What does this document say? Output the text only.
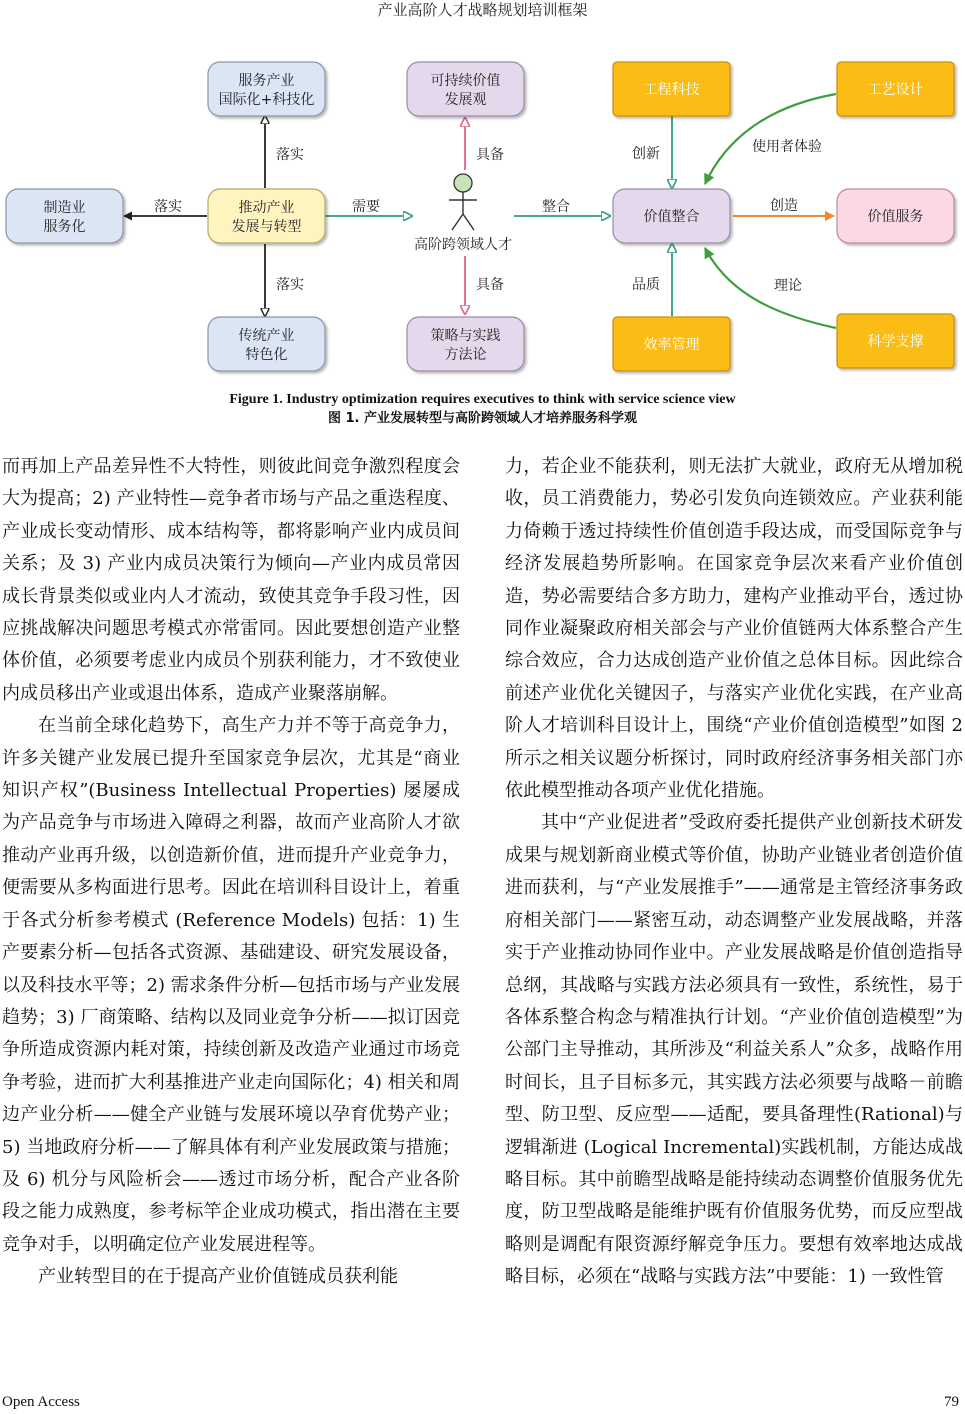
产业高阶人才战略规划培训框架
落实
落实
落实	需要
具备
具备
整合
创新
品质
使用者体验
创造
理论
服务产业
国际化+科技化
制造业
服务化
推动产业
发展与转型
传统产业
特色化
可持续价值
发展观
策略与实践
方法论
高阶跨领域人才
工程科技	工艺设计
价值整合	价值服务
效率管理	科学支撑
Figure 1. Industry optimization requires executives to think with service science view
图 1. 产业发展转型与高阶跨领域人才培养服务科学观

而再加上产品差异性不大特性，则彼此间竞争激烈程度会大为提高；2) 产业特性—竞争者市场与产品之重迭程度、产业成长变动情形、成本结构等，都将影响产业内成员间关系；及 3) 产业内成员决策行为倾向—产业内成员常因成长背景类似或业内人才流动，致使其竞争手段习性，因应挑战解决问题思考模式亦常雷同。因此要想创造产业整体价值，必须要考虑业内成员个别获利能力，才不致使业内成员移出产业或退出体系，造成产业聚落崩解。

在当前全球化趋势下，高生产力并不等于高竞争力，许多关键产业发展已提升至国家竞争层次，尤其是“商业知识产权”(Business Intellectual Properties) 屡屡成为产品竞争与市场进入障碍之利器，故而产业高阶人才欲推动产业再升级，以创造新价值，进而提升产业竞争力，便需要从多构面进行思考。因此在培训科目设计上，着重于各式分析参考模式 (Reference Models) 包括：1) 生产要素分析—包括各式资源、基础建设、研究发展设备，以及科技水平等；2) 需求条件分析—包括市场与产业发展趋势；3) 厂商策略、结构以及同业竞争分析——拟订因竞争所造成资源内耗对策，持续创新及改造产业通过市场竞争考验，进而扩大利基推进产业走向国际化；4) 相关和周边产业分析——健全产业链与发展环境以孕育优势产业；5) 当地政府分析——了解具体有利产业发展政策与措施；及 6) 机分与风险析会——透过市场分析，配合产业各阶段之能力成熟度，参考标竿企业成功模式，指出潜在主要竞争对手，以明确定位产业发展进程等。

产业转型目的在于提高产业价值链成员获利能

力，若企业不能获利，则无法扩大就业，政府无从增加税收，员工消费能力，势必引发负向连锁效应。产业获利能力倚赖于透过持续性价值创造手段达成，而受国际竞争与经济发展趋势所影响。在国家竞争层次来看产业价值创造，势必需要结合多方助力，建构产业推动平台，透过协同作业凝聚政府相关部会与产业价值链两大体系整合产生综合效应，合力达成创造产业价值之总体目标。因此综合前述产业优化关键因子，与落实产业优化实践，在产业高阶人才培训科目设计上，围绕“产业价值创造模型”如图 2 所示之相关议题分析探讨，同时政府经济事务相关部门亦依此模型推动各项产业优化措施。

其中“产业促进者”受政府委托提供产业创新技术研发成果与规划新商业模式等价值，协助产业链业者创造价值进而获利，与“产业发展推手”——通常是主管经济事务政府相关部门——紧密互动，动态调整产业发展战略，并落实于产业推动协同作业中。产业发展战略是价值创造指导总纲，其战略与实践方法必须具有一致性，系统性，易于各体系整合构念与精准执行计划。“产业价值创造模型”为公部门主导推动，其所涉及“利益关系人”众多，战略作用时间长，且子目标多元，其实践方法必须要与战略－前瞻型、防卫型、反应型——适配，要具备理性(Rational)与逻辑渐进 (Logical Incremental)实践机制，方能达成战略目标。其中前瞻型战略是能持续动态调整价值服务优先度，防卫型战略是能维护既有价值服务优势，而反应型战略则是调配有限资源纾解竞争压力。要想有效率地达成战略目标，必须在“战略与实践方法”中要能：1) 一致性管

Open Access	79
